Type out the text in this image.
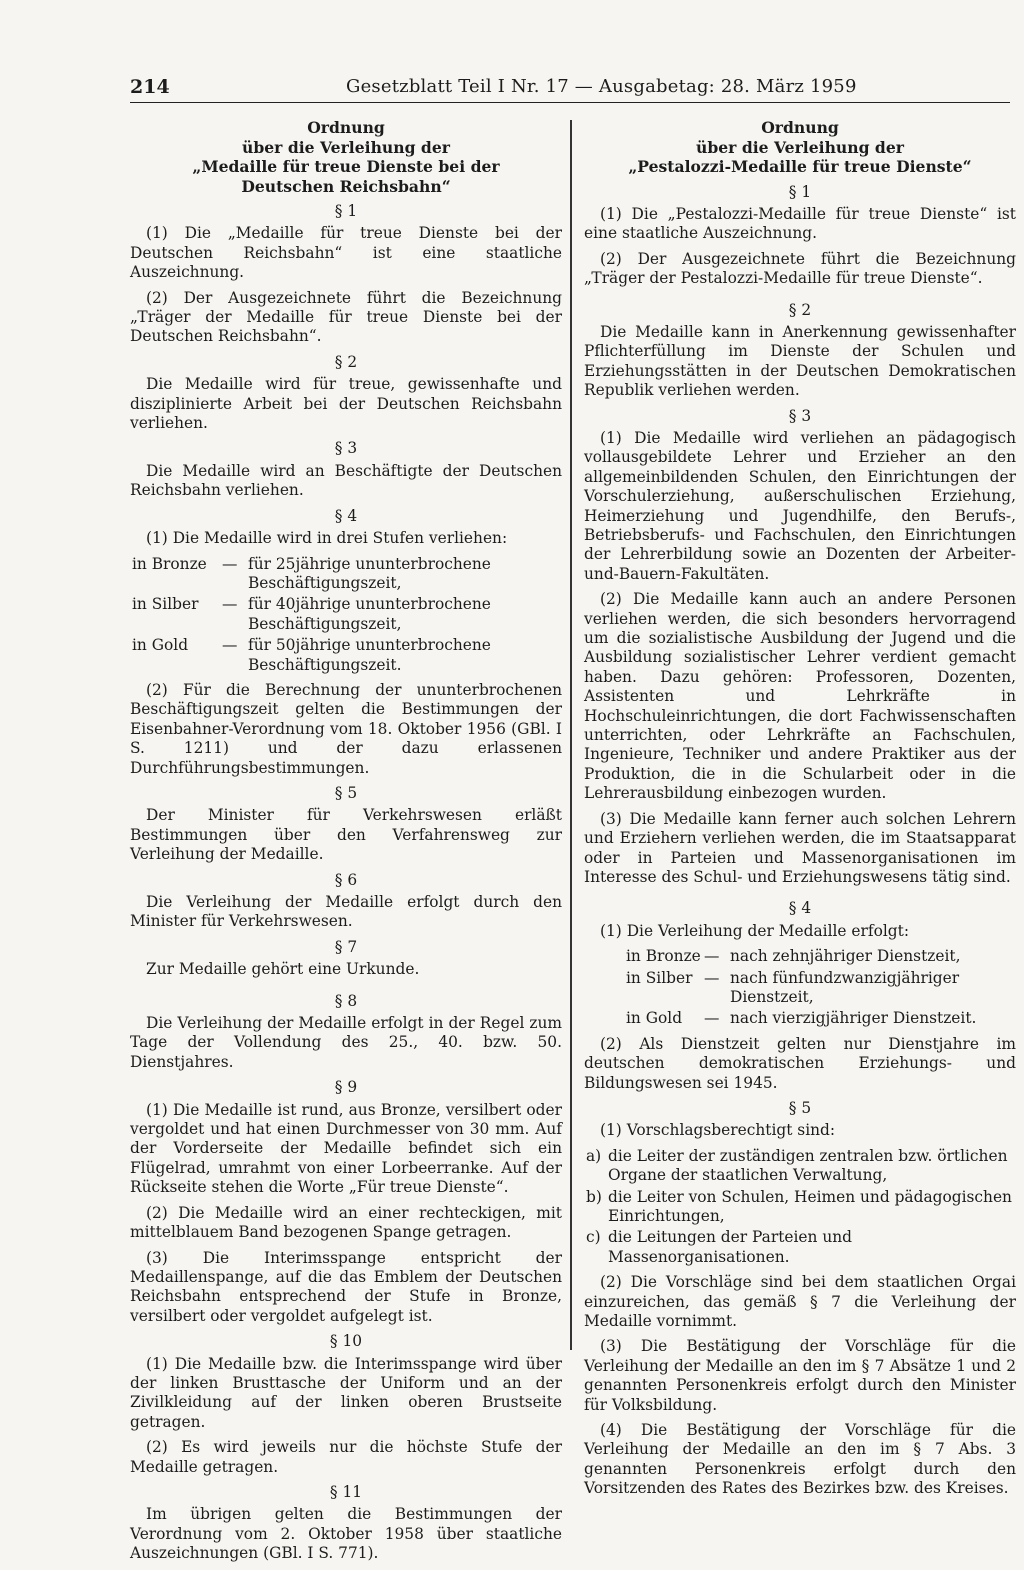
214	Gesetzblatt Teil I Nr. 17 — Ausgabetag: 28. März 1959
Ordnung
über die Verleihung der
„Medaille für treue Dienste bei der
Deutschen Reichsbahn“
§ 1

(1) Die „Medaille für treue Dienste bei der Deutschen Reichsbahn“ ist eine staatliche Auszeichnung.

(2) Der Ausgezeichnete führt die Bezeichnung „Träger der Medaille für treue Dienste bei der Deutschen Reichsbahn“.

§ 2

Die Medaille wird für treue, gewissenhafte und disziplinierte Arbeit bei der Deutschen Reichsbahn verliehen.

§ 3

Die Medaille wird an Beschäftigte der Deutschen Reichsbahn verliehen.

§ 4

(1) Die Medaille wird in drei Stufen verliehen:

in Bronze — für 25jährige ununterbrochene Beschäftigungszeit,
in Silber	— für 40jährige ununterbrochene Beschäftigungszeit,
in Gold	— für 50jährige ununterbrochene Beschäftigungszeit.

(2) Für die Berechnung der ununterbrochenen Beschäftigungszeit gelten die Bestimmungen der Eisenbahner-Verordnung vom 18. Oktober 1956 (GBl. I S. 1211) und der dazu erlassenen Durchführungsbestimmungen.

§ 5

Der Minister für Verkehrswesen erläßt Bestimmungen über den Verfahrensweg zur Verleihung der Medaille.

§ 6

Die Verleihung der Medaille erfolgt durch den Minister für Verkehrswesen.

§ 7

Zur Medaille gehört eine Urkunde.

§ 8

Die Verleihung der Medaille erfolgt in der Regel zum Tage der Vollendung des 25., 40. bzw. 50. Dienstjahres.

§ 9

(1) Die Medaille ist rund, aus Bronze, versilbert oder vergoldet und hat einen Durchmesser von 30 mm. Auf der Vorderseite der Medaille befindet sich ein Flügelrad, umrahmt von einer Lorbeerranke. Auf der Rückseite stehen die Worte „Für treue Dienste“.

(2) Die Medaille wird an einer rechteckigen, mit mittelblauem Band bezogenen Spange getragen.

(3) Die Interimsspange entspricht der Medaillenspange, auf die das Emblem der Deutschen Reichsbahn entsprechend der Stufe in Bronze, versilbert oder vergoldet aufgelegt ist.

§ 10

(1) Die Medaille bzw. die Interimsspange wird über der linken Brusttasche der Uniform und an der Zivilkleidung auf der linken oberen Brustseite getragen.

(2) Es wird jeweils nur die höchste Stufe der Medaille getragen.

§ 11

Im übrigen gelten die Bestimmungen der Verordnung vom 2. Oktober 1958 über staatliche Auszeichnungen (GBl. I S. 771).

Ordnung
über die Verleihung der
„Pestalozzi-Medaille für treue Dienste“
§ 1

(1) Die „Pestalozzi-Medaille für treue Dienste“ ist eine staatliche Auszeichnung.

(2) Der Ausgezeichnete führt die Bezeichnung „Träger der Pestalozzi-Medaille für treue Dienste“.

§ 2

Die Medaille kann in Anerkennung gewissenhafter Pflichterfüllung im Dienste der Schulen und Erziehungsstätten in der Deutschen Demokratischen Republik verliehen werden.

§ 3

(1) Die Medaille wird verliehen an pädagogisch vollausgebildete Lehrer und Erzieher an den allgemeinbildenden Schulen, den Einrichtungen der Vorschulerziehung, außerschulischen Erziehung, Heimerziehung und Jugendhilfe, den Berufs-, Betriebsberufs- und Fachschulen, den Einrichtungen der Lehrerbildung sowie an Dozenten der Arbeiter-und-Bauern-Fakultäten.

(2) Die Medaille kann auch an andere Personen verliehen werden, die sich besonders hervorragend um die sozialistische Ausbildung der Jugend und die Ausbildung sozialistischer Lehrer verdient gemacht haben. Dazu gehören: Professoren, Dozenten, Assistenten und Lehrkräfte in Hochschuleinrichtungen, die dort Fachwissenschaften unterrichten, oder Lehrkräfte an Fachschulen, Ingenieure, Techniker und andere Praktiker aus der Produktion, die in die Schularbeit oder in die Lehrerausbildung einbezogen wurden.

(3) Die Medaille kann ferner auch solchen Lehrern und Erziehern verliehen werden, die im Staatsapparat oder in Parteien und Massenorganisationen im Interesse des Schul- und Erziehungswesens tätig sind.

§ 4

(1) Die Verleihung der Medaille erfolgt:

in Bronze — nach zehnjähriger Dienstzeit,
in Silber — nach fünfundzwanzigjähriger Dienstzeit,
in Gold	— nach vierzigjähriger Dienstzeit.

(2) Als Dienstzeit gelten nur Dienstjahre im deutschen demokratischen Erziehungs- und Bildungswesen sei 1945.

§ 5

(1) Vorschlagsberechtigt sind:

a) die Leiter der zuständigen zentralen bzw. örtlichen Organe der staatlichen Verwaltung,
b) die Leiter von Schulen, Heimen und pädagogischen Einrichtungen,
c) die Leitungen der Parteien und Massenorganisationen.

(2) Die Vorschläge sind bei dem staatlichen Orgai einzureichen, das gemäß § 7 die Verleihung der Medaille vornimmt.

(3) Die Bestätigung der Vorschläge für die Verleihung der Medaille an den im § 7 Absätze 1 und 2 genannten Personenkreis erfolgt durch den Minister für Volksbildung.

(4) Die Bestätigung der Vorschläge für die Verleihung der Medaille an den im § 7 Abs. 3 genannten Personenkreis erfolgt durch den Vorsitzenden des Rates des Bezirkes bzw. des Kreises.
